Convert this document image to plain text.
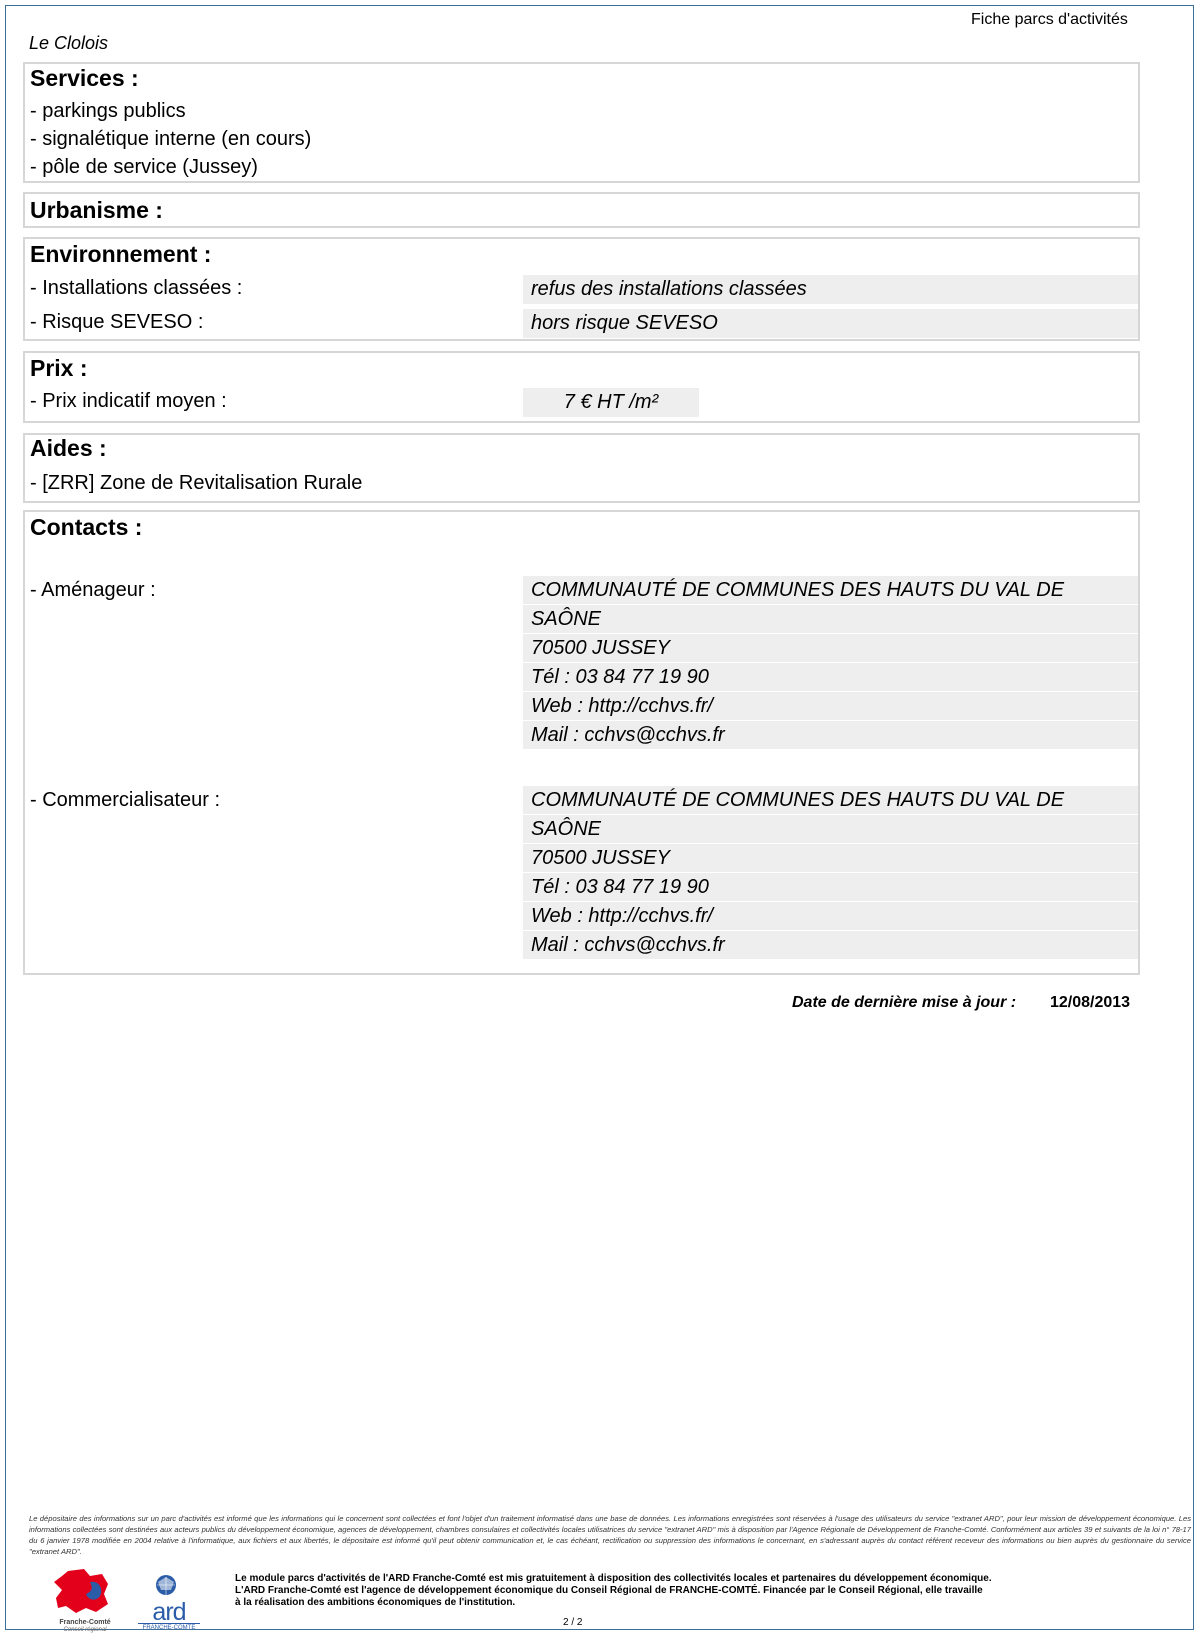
Fiche parcs d'activités
Le Clolois
Services :
- parkings publics
- signalétique interne (en cours)
- pôle de service (Jussey)
Urbanisme :
Environnement :
- Installations classées :	refus des installations classées
- Risque SEVESO :	hors risque SEVESO
Prix :
- Prix indicatif moyen :	7 € HT /m²
Aides :
- [ZRR] Zone de Revitalisation Rurale
Contacts :
- Aménageur :	COMMUNAUTÉ DE COMMUNES DES HAUTS DU VAL DE
SAÔNE
70500 JUSSEY
Tél : 03 84 77 19 90
Web : http://cchvs.fr/
Mail : cchvs@cchvs.fr
- Commercialisateur :	COMMUNAUTÉ DE COMMUNES DES HAUTS DU VAL DE
SAÔNE
70500 JUSSEY
Tél : 03 84 77 19 90
Web : http://cchvs.fr/
Mail : cchvs@cchvs.fr
Date de dernière mise à jour : 12/08/2013
Le dépositaire des informations sur un parc d'activités est informé que les informations qui le concernent sont collectées et font l'objet d'un traitement informatisé dans une base de données. Les informations enregistrées sont réservées à l'usage des utilisateurs du service "extranet ARD", pour leur mission de développement économique. Les informations collectées sont destinées aux acteurs publics du développement économique, agences de développement, chambres consulaires et collectivités locales utilisatrices du service "extranet ARD" mis à disposition par l'Agence Régionale de Développement de Franche-Comté. Conformément aux articles 39 et suivants de la loi n° 78-17 du 6 janvier 1978 modifiée en 2004 relative à l'informatique, aux fichiers et aux libertés, le dépositaire est informé qu'il peut obtenir communication et, le cas échéant, rectification ou suppression des informations le concernant, en s'adressant auprès du contact référent receveur des informations ou bien auprès du gestionnaire du service "extranet ARD".
Franche-Comté
Conseil régional
ard
FRANCHE-COMTÉ
Le module parcs d'activités de l'ARD Franche-Comté est mis gratuitement à disposition des collectivités locales et partenaires du développement économique.
L'ARD Franche-Comté est l'agence de développement économique du Conseil Régional de FRANCHE-COMTÉ. Financée par le Conseil Régional, elle travaille
à la réalisation des ambitions économiques de l'institution.
2 / 2
